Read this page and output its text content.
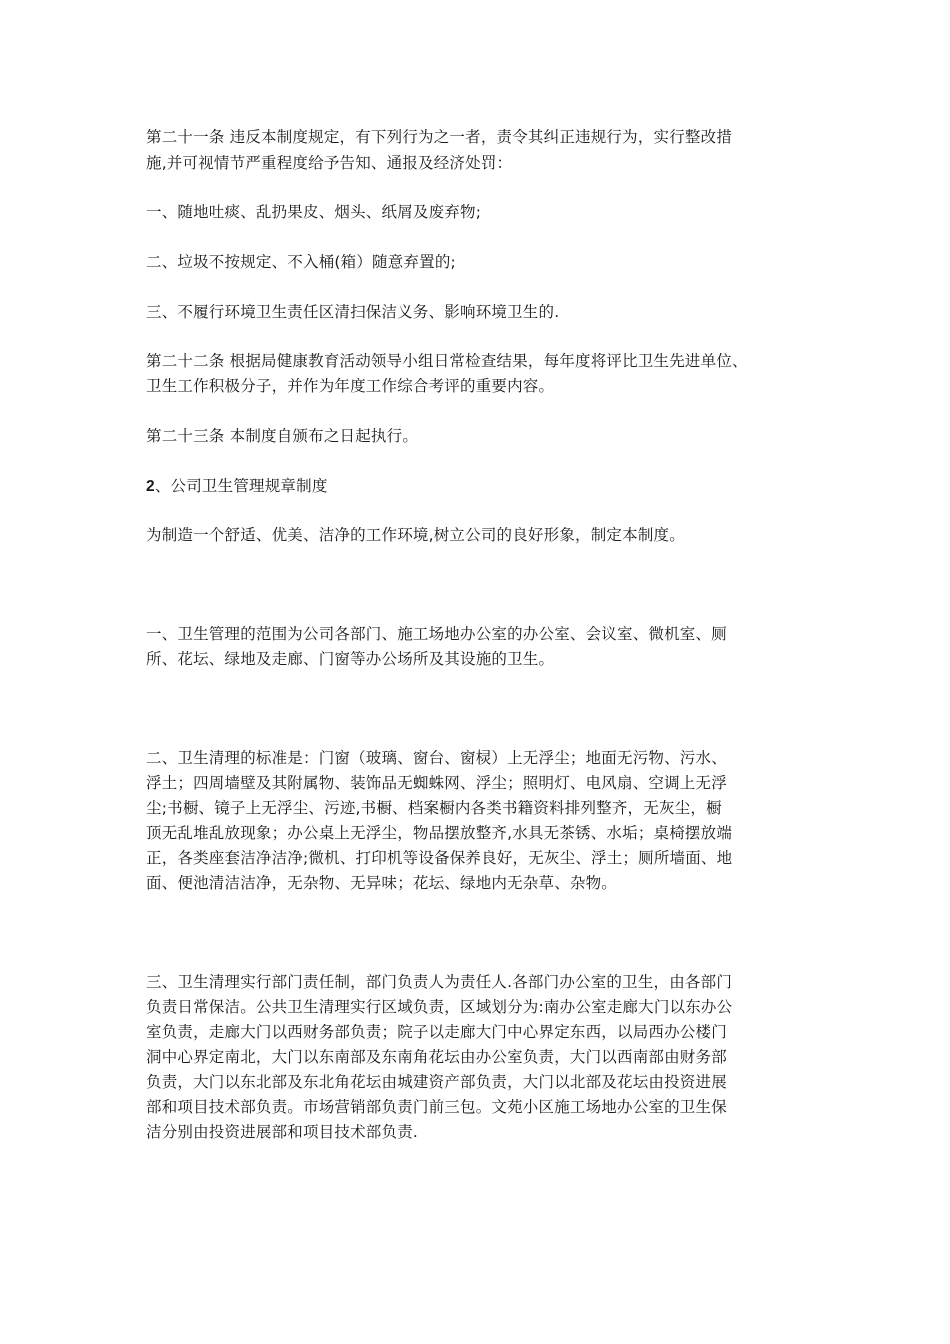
第二十一条 违反本制度规定，有下列行为之一者，责令其纠正违规行为，实行整改措
施,并可视情节严重程度给予告知、通报及经济处罚：
一、随地吐痰、乱扔果皮、烟头、纸屑及废弃物;
二、垃圾不按规定、不入桶(箱）随意弃置的;
三、不履行环境卫生责任区清扫保洁义务、影响环境卫生的.
第二十二条 根据局健康教育活动领导小组日常检查结果，每年度将评比卫生先进单位、
卫生工作积极分子，并作为年度工作综合考评的重要内容。
第二十三条 本制度自颁布之日起执行。
2、公司卫生管理规章制度
为制造一个舒适、优美、洁净的工作环境,树立公司的良好形象，制定本制度。
一、卫生管理的范围为公司各部门、施工场地办公室的办公室、会议室、微机室、厕
所、花坛、绿地及走廊、门窗等办公场所及其设施的卫生。
二、卫生清理的标准是：门窗（玻璃、窗台、窗棂）上无浮尘；地面无污物、污水、
浮土；四周墙壁及其附属物、装饰品无蜘蛛网、浮尘；照明灯、电风扇、空调上无浮
尘;书橱、镜子上无浮尘、污迹,书橱、档案橱内各类书籍资料排列整齐，无灰尘，橱
顶无乱堆乱放现象；办公桌上无浮尘，物品摆放整齐,水具无茶锈、水垢；桌椅摆放端
正，各类座套洁净洁净;微机、打印机等设备保养良好，无灰尘、浮土；厕所墙面、地
面、便池清洁洁净，无杂物、无异味；花坛、绿地内无杂草、杂物。
三、卫生清理实行部门责任制，部门负责人为责任人.各部门办公室的卫生，由各部门
负责日常保洁。公共卫生清理实行区域负责，区域划分为:南办公室走廊大门以东办公
室负责，走廊大门以西财务部负责；院子以走廊大门中心界定东西，以局西办公楼门
洞中心界定南北，大门以东南部及东南角花坛由办公室负责，大门以西南部由财务部
负责，大门以东北部及东北角花坛由城建资产部负责，大门以北部及花坛由投资进展
部和项目技术部负责。市场营销部负责门前三包。文苑小区施工场地办公室的卫生保
洁分别由投资进展部和项目技术部负责.
